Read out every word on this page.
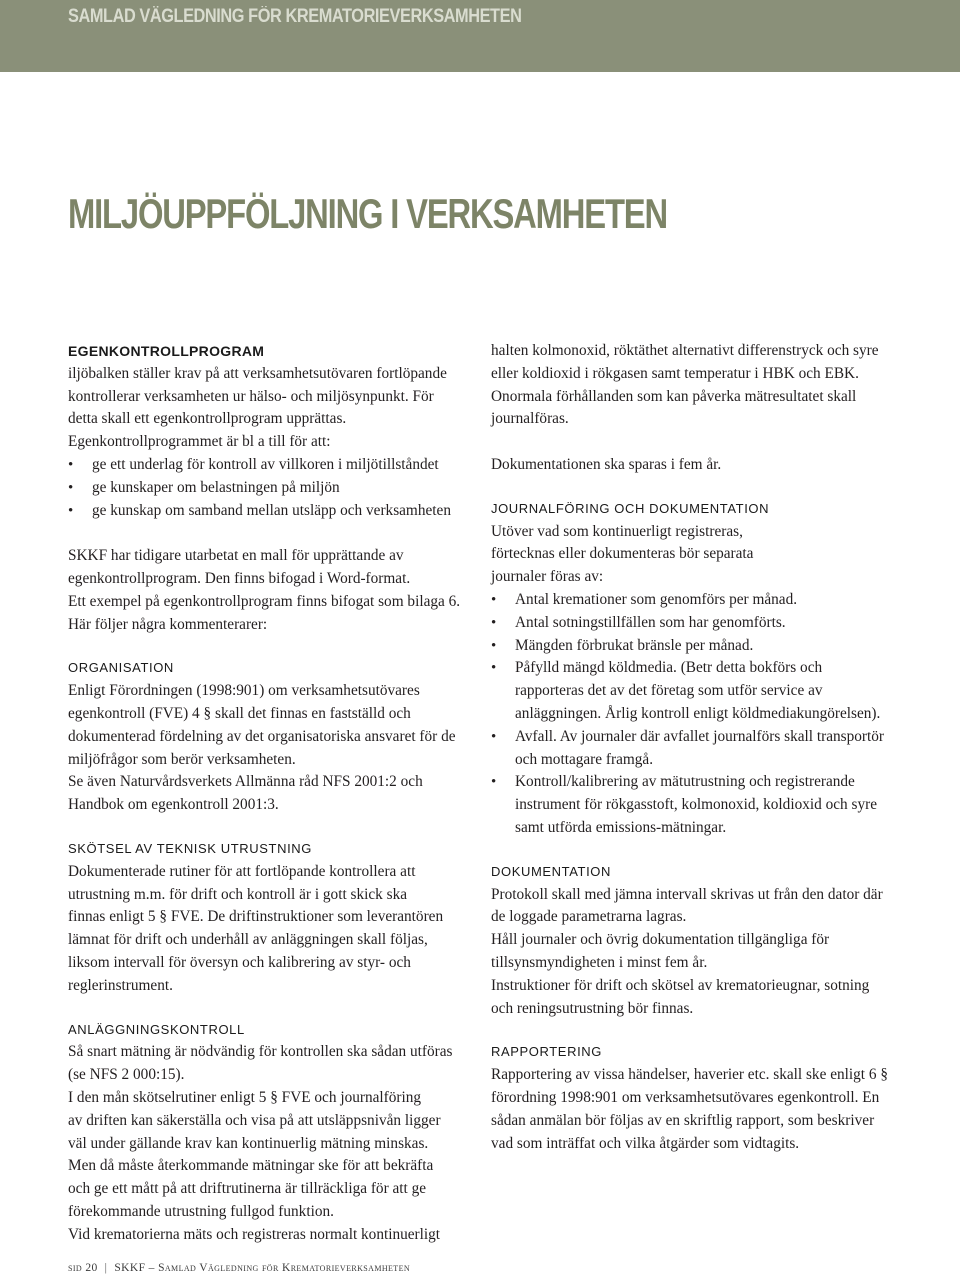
SAMLAD VÄGLEDNING FÖR KREMATORIEVERKSAMHETEN
MILJÖUPPFÖLJNING I VERKSAMHETEN
EGENKONTROLLPROGRAM
iljöbalken ställer krav på att verksamhetsutövaren fortlöpande
kontrollerar verksamheten ur hälso- och miljösynpunkt. För
detta skall ett egenkontrollprogram upprättas.
Egenkontrollprogrammet är bl a till för att:
• ge ett underlag för kontroll av villkoren i miljötillståndet
• ge kunskaper om belastningen på miljön
• ge kunskap om samband mellan utsläpp och verksamheten
SKKF har tidigare utarbetat en mall för upprättande av
egenkontrollprogram. Den finns bifogad i Word-format.
Ett exempel på egenkontrollprogram finns bifogat som bilaga 6.
Här följer några kommenterarer:
ORGANISATION
Enligt Förordningen (1998:901) om verksamhetsutövares
egenkontroll (FVE) 4 § skall det finnas en fastställd och
dokumenterad fördelning av det organisatoriska ansvaret för de
miljöfrågor som berör verksamheten.
Se även Naturvårdsverkets Allmänna råd NFS 2001:2 och
Handbok om egenkontroll 2001:3.
SKÖTSEL AV TEKNISK UTRUSTNING
Dokumenterade rutiner för att fortlöpande kontrollera att
utrustning m.m. för drift och kontroll är i gott skick ska
finnas enligt 5 § FVE. De driftinstruktioner som leverantören
lämnat för drift och underhåll av anläggningen skall följas,
liksom intervall för översyn och kalibrering av styr- och
reglerinstrument.
ANLÄGGNINGSKONTROLL
Så snart mätning är nödvändig för kontrollen ska sådan utföras
(se NFS 2 000:15).
I den mån skötselrutiner enligt 5 § FVE och journalföring
av driften kan säkerställa och visa på att utsläppsnivån ligger
väl under gällande krav kan kontinuerlig mätning minskas.
Men då måste återkommande mätningar ske för att bekräfta
och ge ett mått på att driftrutinerna är tillräckliga för att ge
förekommande utrustning fullgod funktion.
Vid krematorierna mäts och registreras normalt kontinuerligt
halten kolmonoxid, röktäthet alternativt differenstryck och syre
eller koldioxid i rökgasen samt temperatur i HBK och EBK.
Onormala förhållanden som kan påverka mätresultatet skall
journalföras.
Dokumentationen ska sparas i fem år.
JOURNALFÖRING OCH DOKUMENTATION
Utöver vad som kontinuerligt registreras,
förtecknas eller dokumenteras bör separata
journaler föras av:
• Antal kremationer som genomförs per månad.
• Antal sotningstillfällen som har genomförts.
• Mängden förbrukat bränsle per månad.
• Påfylld mängd köldmedia. (Betr detta bokförs och
rapporteras det av det företag som utför service av
anläggningen. Årlig kontroll enligt köldmediakungörelsen).
• Avfall. Av journaler där avfallet journalförs skall transportör
och mottagare framgå.
• Kontroll/kalibrering av mätutrustning och registrerande
instrument för rökgasstoft, kolmonoxid, koldioxid och syre
samt utförda emissions-mätningar.
DOKUMENTATION
Protokoll skall med jämna intervall skrivas ut från den dator där
de loggade parametrarna lagras.
Håll journaler och övrig dokumentation tillgängliga för
tillsynsmyndigheten i minst fem år.
Instruktioner för drift och skötsel av krematorieugnar, sotning
och reningsutrustning bör finnas.
RAPPORTERING
Rapportering av vissa händelser, haverier etc. skall ske enligt 6 §
förordning 1998:901 om verksamhetsutövares egenkontroll. En
sådan anmälan bör följas av en skriftlig rapport, som beskriver
vad som inträffat och vilka åtgärder som vidtagits.
sid 20 | SKKF – Samlad Vägledning för Krematorieverksamheten
